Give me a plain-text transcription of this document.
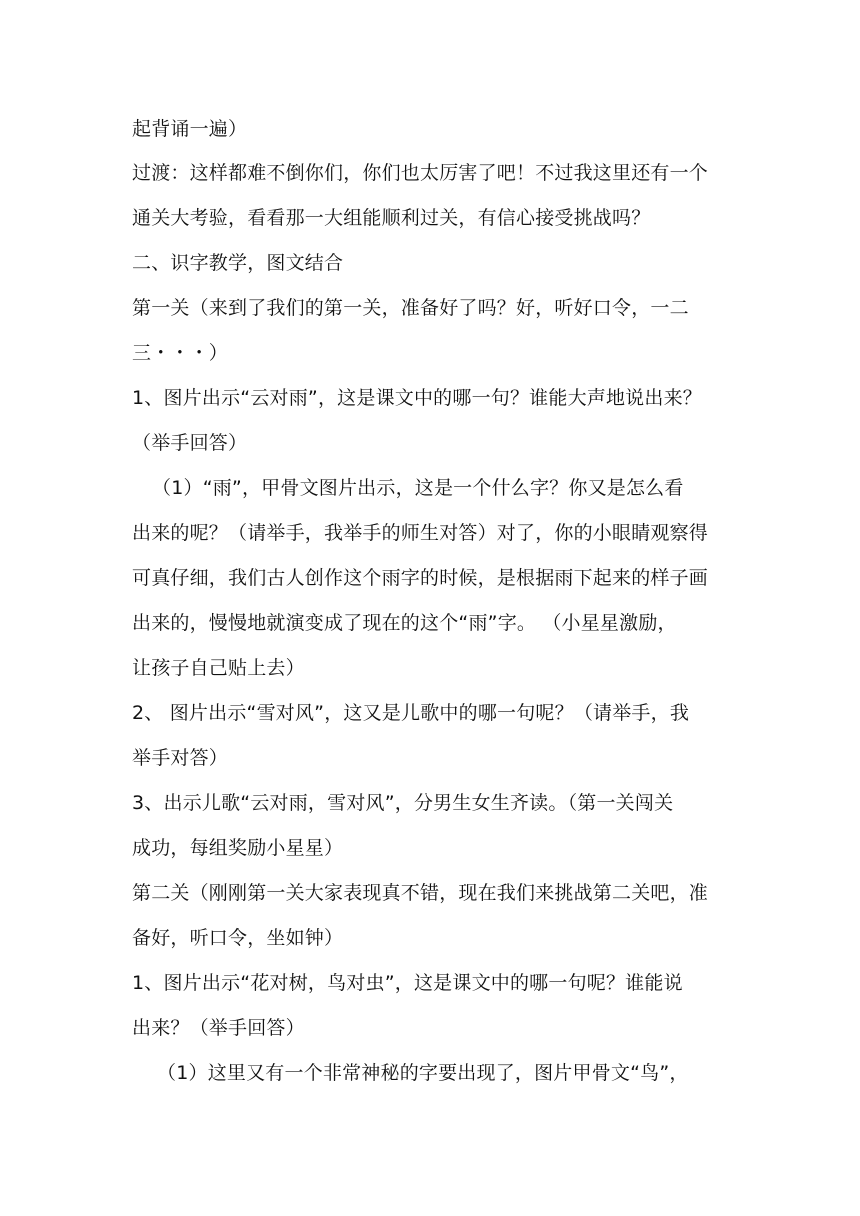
起背诵一遍）
过渡：这样都难不倒你们，你们也太厉害了吧！不过我这里还有一个
通关大考验，看看那一大组能顺利过关，有信心接受挑战吗？
二、识字教学，图文结合
第一关（来到了我们的第一关，准备好了吗？好，听好口令，一二
三・・・）
1、图片出示“云对雨”，这是课文中的哪一句？谁能大声地说出来？
（举手回答）
（1）“雨”，甲骨文图片出示，这是一个什么字？你又是怎么看
出来的呢？（请举手，我举手的师生对答）对了，你的小眼睛观察得
可真仔细，我们古人创作这个雨字的时候，是根据雨下起来的样子画
出来的，慢慢地就演变成了现在的这个“雨”字。 （小星星激励，
让孩子自己贴上去）
2、 图片出示“雪对风”，这又是儿歌中的哪一句呢？（请举手，我
举手对答）
3、出示儿歌“云对雨，雪对风”，分男生女生齐读。（第一关闯关
成功，每组奖励小星星）
第二关（刚刚第一关大家表现真不错，现在我们来挑战第二关吧，准
备好，听口令，坐如钟）
1、图片出示“花对树，鸟对虫”，这是课文中的哪一句呢？谁能说
出来？（举手回答）
（1）这里又有一个非常神秘的字要出现了，图片甲骨文“鸟”，
